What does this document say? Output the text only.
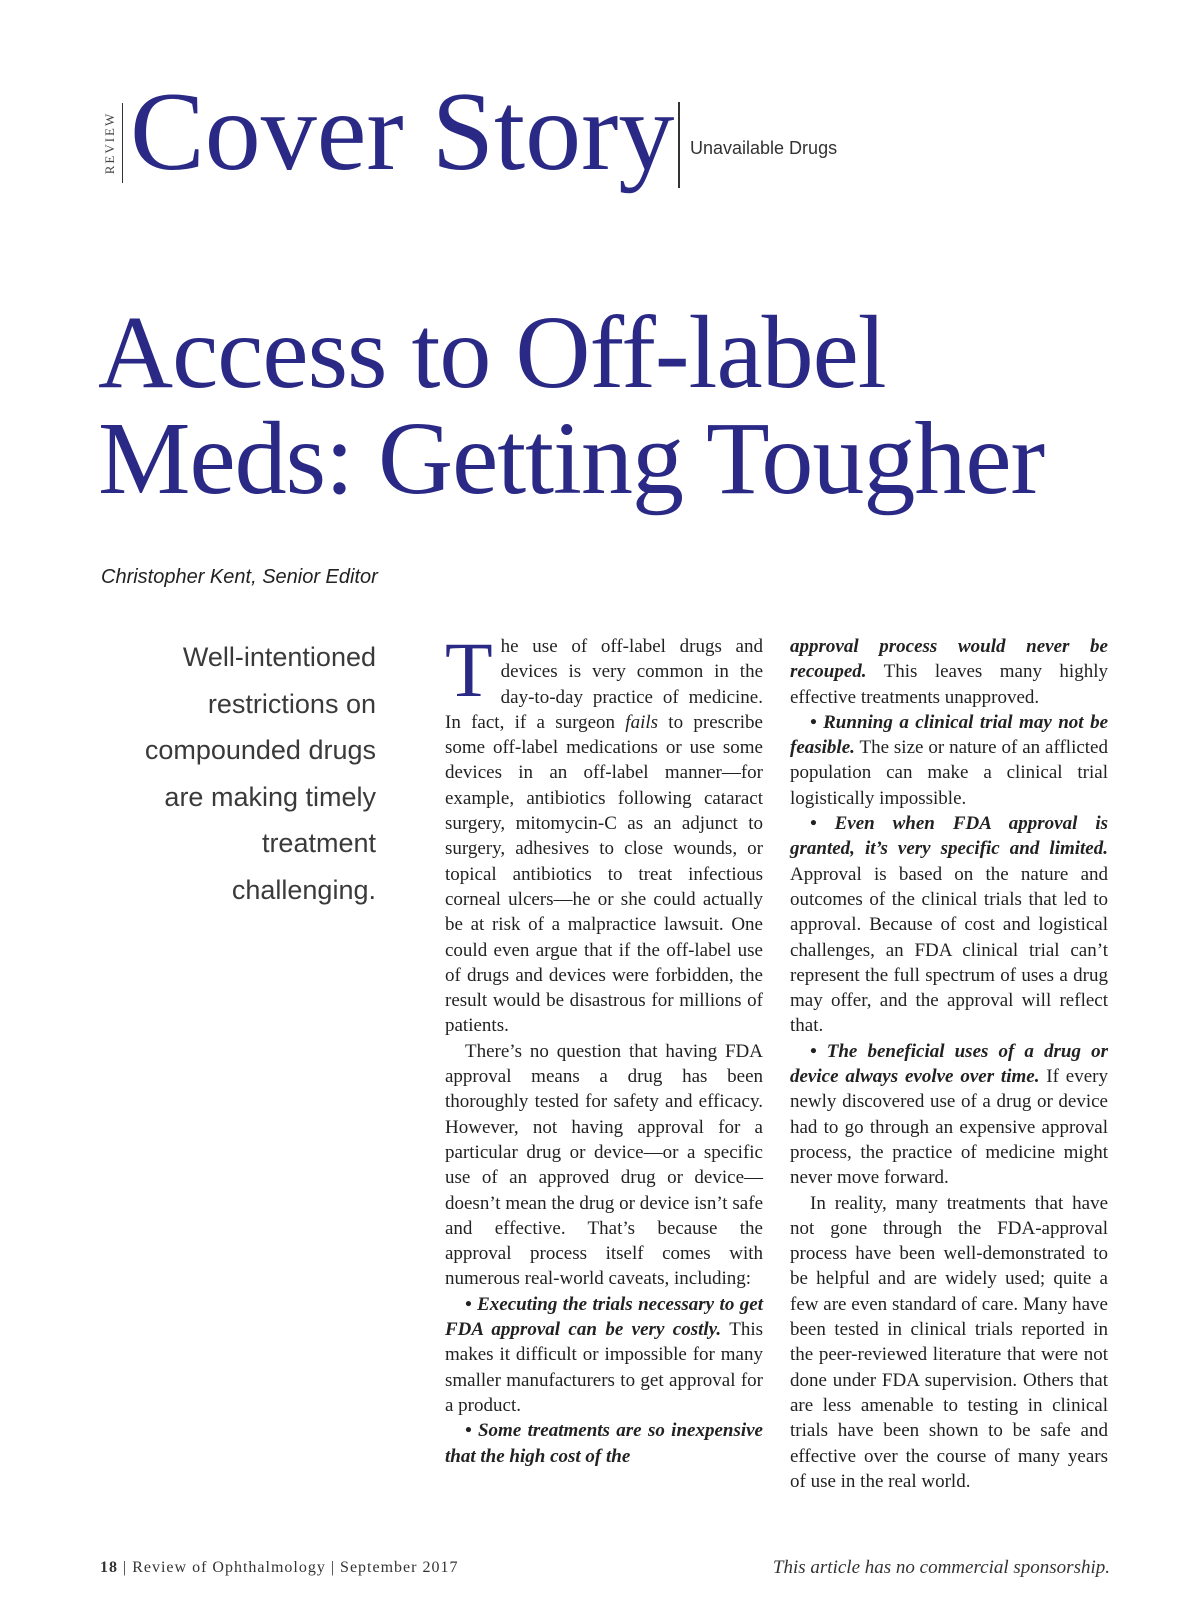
REVIEW Cover Story Unavailable Drugs
Access to Off-label
Meds: Getting Tougher
Christopher Kent, Senior Editor
Well-intentioned restrictions on compounded drugs are making timely treatment challenging.

The use of off-label drugs and devices is very common in the day-to-day practice of medicine. In fact, if a surgeon fails to prescribe some off-label medications or use some devices in an off-label manner—for example, antibiotics following cataract surgery, mitomycin-C as an adjunct to surgery, adhesives to close wounds, or topical antibiotics to treat infectious corneal ulcers—he or she could actually be at risk of a malpractice lawsuit. One could even argue that if the off-label use of drugs and devices were forbidden, the result would be disastrous for millions of patients.

There’s no question that having FDA approval means a drug has been thoroughly tested for safety and efficacy. However, not having approval for a particular drug or device—or a specific use of an approved drug or device—doesn’t mean the drug or device isn’t safe and effective. That’s because the approval process itself comes with numerous real-world caveats, including:

• Executing the trials necessary to get FDA approval can be very costly. This makes it difficult or impossible for many smaller manufacturers to get approval for a product.

• Some treatments are so inexpensive that the high cost of the

approval process would never be recouped. This leaves many highly effective treatments unapproved.

• Running a clinical trial may not be feasible. The size or nature of an afflicted population can make a clinical trial logistically impossible.

• Even when FDA approval is granted, it’s very specific and limited. Approval is based on the nature and outcomes of the clinical trials that led to approval. Because of cost and logistical challenges, an FDA clinical trial can’t represent the full spectrum of uses a drug may offer, and the approval will reflect that.

• The beneficial uses of a drug or device always evolve over time. If every newly discovered use of a drug or device had to go through an expensive approval process, the practice of medicine might never move forward.

In reality, many treatments that have not gone through the FDA-approval process have been well-demonstrated to be helpful and are widely used; quite a few are even standard of care. Many have been tested in clinical trials reported in the peer-reviewed literature that were not done under FDA supervision. Others that are less amenable to testing in clinical trials have been shown to be safe and effective over the course of many years of use in the real world.

18 | Review of Ophthalmology | September 2017	This article has no commercial sponsorship.
